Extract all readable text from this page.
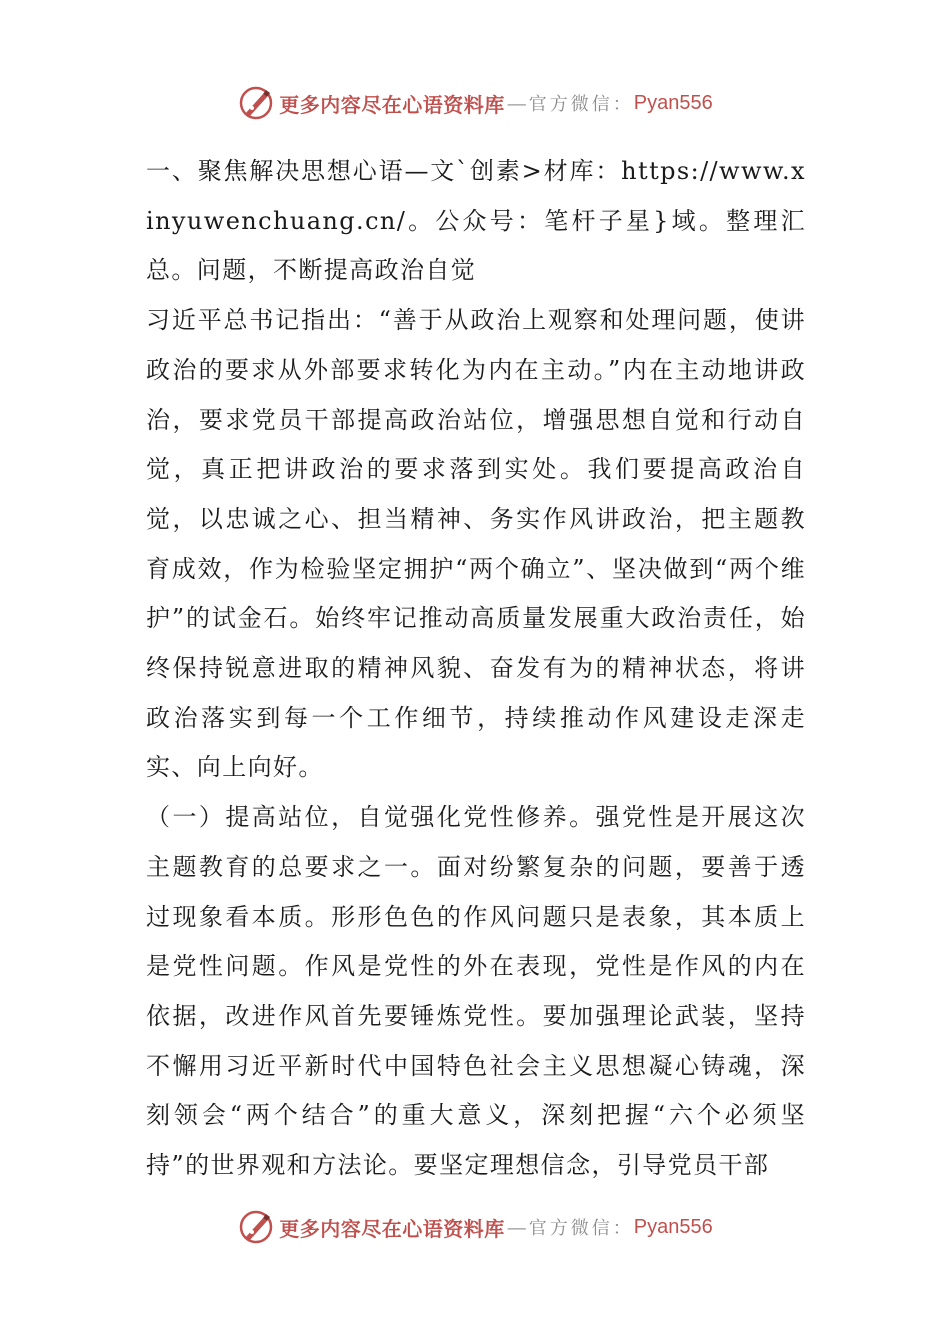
更多内容尽在心语资料库 — 官方微信： Pyan556

一、聚焦解决思想心语—文`创素>材库：https://www.xinyuwenchuang.cn/。公众号：笔杆子星}域。整理汇总。问题，不断提高政治自觉

习近平总书记指出：“善于从政治上观察和处理问题，使讲政治的要求从外部要求转化为内在主动。”内在主动地讲政治，要求党员干部提高政治站位，增强思想自觉和行动自觉，真正把讲政治的要求落到实处。我们要提高政治自觉，以忠诚之心、担当精神、务实作风讲政治，把主题教育成效，作为检验坚定拥护“两个确立”、坚决做到“两个维护”的试金石。始终牢记推动高质量发展重大政治责任，始终保持锐意进取的精神风貌、奋发有为的精神状态，将讲政治落实到每一个工作细节，持续推动作风建设走深走实、向上向好。

（一）提高站位，自觉强化党性修养。强党性是开展这次主题教育的总要求之一。面对纷繁复杂的问题，要善于透过现象看本质。形形色色的作风问题只是表象，其本质上是党性问题。作风是党性的外在表现，党性是作风的内在依据，改进作风首先要锤炼党性。要加强理论武装，坚持不懈用习近平新时代中国特色社会主义思想凝心铸魂，深刻领会“两个结合”的重大意义，深刻把握“六个必须坚持”的世界观和方法论。要坚定理想信念，引导党员干部

更多内容尽在心语资料库 — 官方微信： Pyan556
